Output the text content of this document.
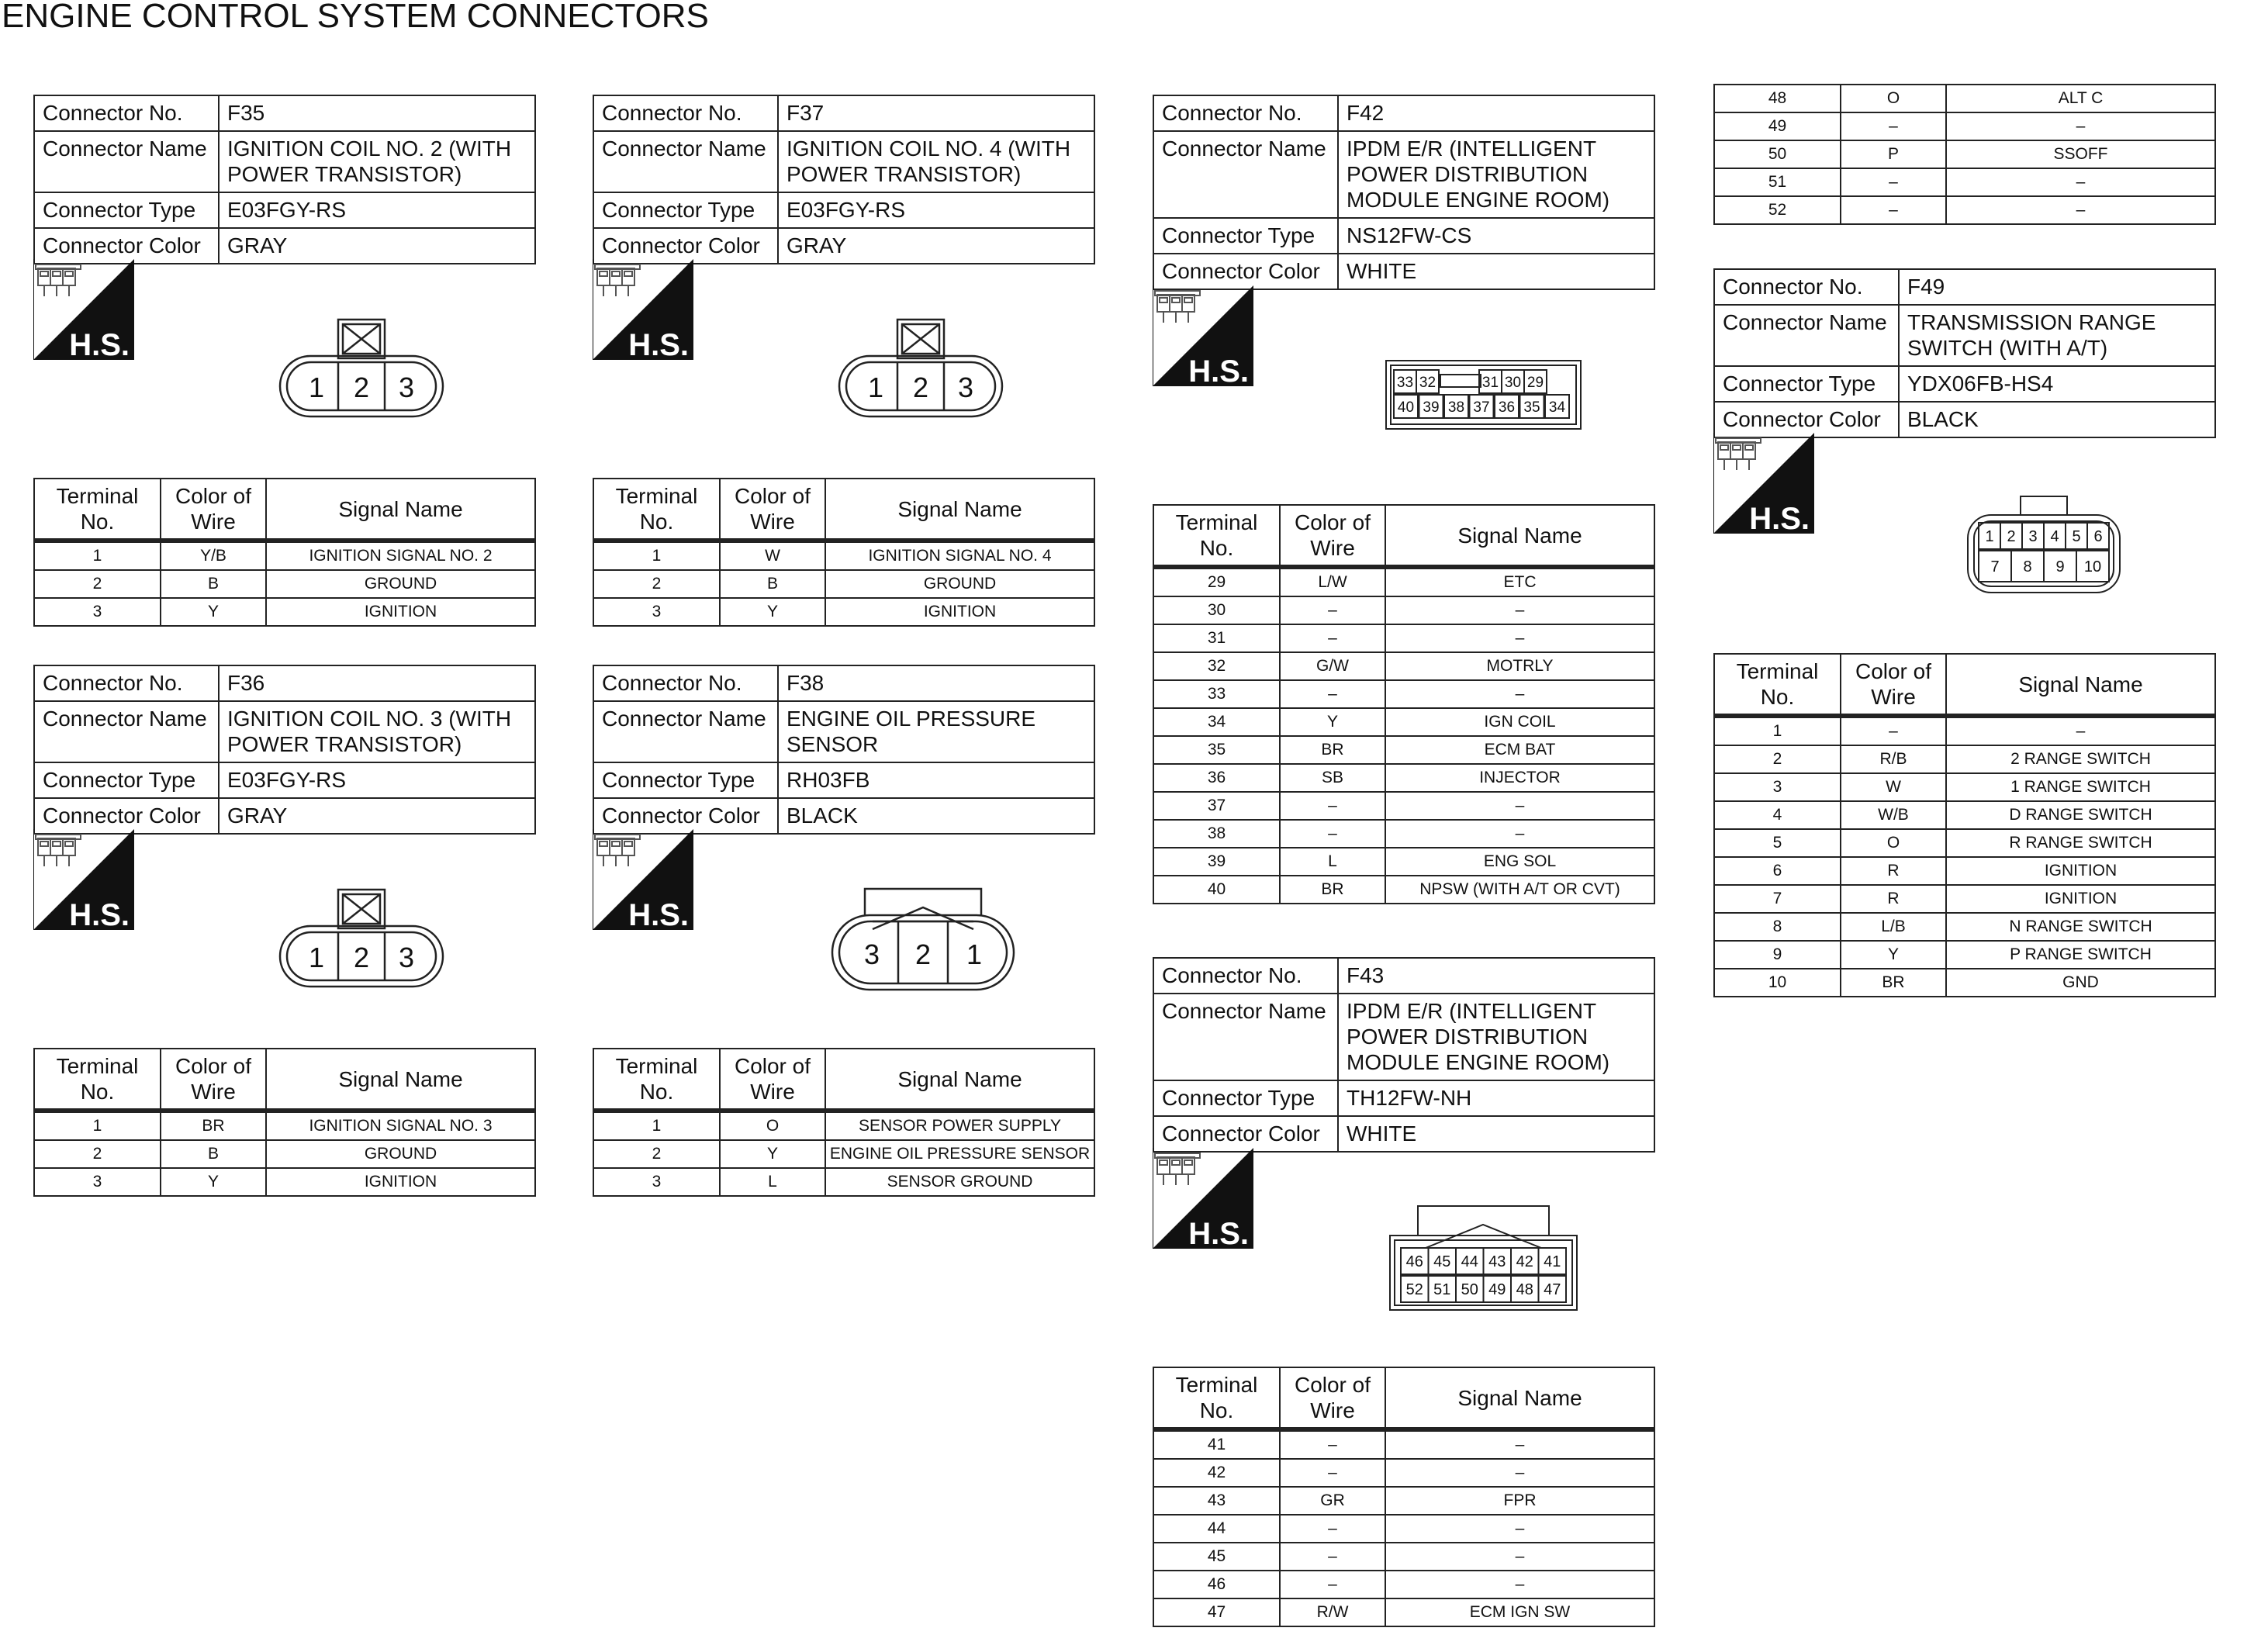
ENGINE CONTROL SYSTEM CONNECTORS
Connector No.	F35
Connector Name	IGNITION COIL NO. 2 (WITH POWER TRANSISTOR)
Connector Type	E03FGY-RS
Connector Color	GRAY
H.S.
1 2 3
Terminal No.	Color of Wire	Signal Name
1	Y/B	IGNITION SIGNAL NO. 2
2	B	GROUND
3	Y	IGNITION
Connector No.	F36
Connector Name	IGNITION COIL NO. 3 (WITH POWER TRANSISTOR)
Connector Type	E03FGY-RS
Connector Color	GRAY
H.S.
1 2 3
Terminal No.	Color of Wire	Signal Name
1	BR	IGNITION SIGNAL NO. 3
2	B	GROUND
3	Y	IGNITION
Connector No.	F37
Connector Name	IGNITION COIL NO. 4 (WITH POWER TRANSISTOR)
Connector Type	E03FGY-RS
Connector Color	GRAY
H.S.
1 2 3
Terminal No.	Color of Wire	Signal Name
1	W	IGNITION SIGNAL NO. 4
2	B	GROUND
3	Y	IGNITION
Connector No.	F38
Connector Name	ENGINE OIL PRESSURE SENSOR
Connector Type	RH03FB
Connector Color	BLACK
H.S.
3 2 1
Terminal No.	Color of Wire	Signal Name
1	O	SENSOR POWER SUPPLY
2	Y	ENGINE OIL PRESSURE SENSOR
3	L	SENSOR GROUND
Connector No.	F42
Connector Name	IPDM E/R (INTELLIGENT POWER DISTRIBUTION MODULE ENGINE ROOM)
Connector Type	NS12FW-CS
Connector Color	WHITE
H.S.	33 32	31 30 29
40 39 38 37 36 35 34
Terminal No.	Color of Wire	Signal Name
29	L/W	ETC
30	–	–
31	–	–
32	G/W	MOTRLY
33	–	–
34	Y	IGN COIL
35	BR	ECM BAT
36	SB	INJECTOR
37	–	–
38	–	–
39	L	ENG SOL
40	BR	NPSW (WITH A/T OR CVT)
Connector No.	F43
Connector Name	IPDM E/R (INTELLIGENT POWER DISTRIBUTION MODULE ENGINE ROOM)
Connector Type	TH12FW-NH
Connector Color	WHITE
H.S.
46 45 44 43 42 41
52 51 50 49 48 47
Terminal No.	Color of Wire	Signal Name
41	–	–
42	–	–
43	GR	FPR
44	–	–
45	–	–
46	–	–
47	R/W	ECM IGN SW
48	O	ALT C
49	–	–
50	P	SSOFF
51	–	–
52	–	–
Connector No.	F49
Connector Name	TRANSMISSION RANGE SWITCH (WITH A/T)
Connector Type	YDX06FB-HS4
Connector Color	BLACK
H.S.
1 2 3 4 5 6
7 8 9 10
Terminal No.	Color of Wire	Signal Name
1	–	–
2	R/B	2 RANGE SWITCH
3	W	1 RANGE SWITCH
4	W/B	D RANGE SWITCH
5	O	R RANGE SWITCH
6	R	IGNITION
7	R	IGNITION
8	L/B	N RANGE SWITCH
9	Y	P RANGE SWITCH
10	BR	GND
